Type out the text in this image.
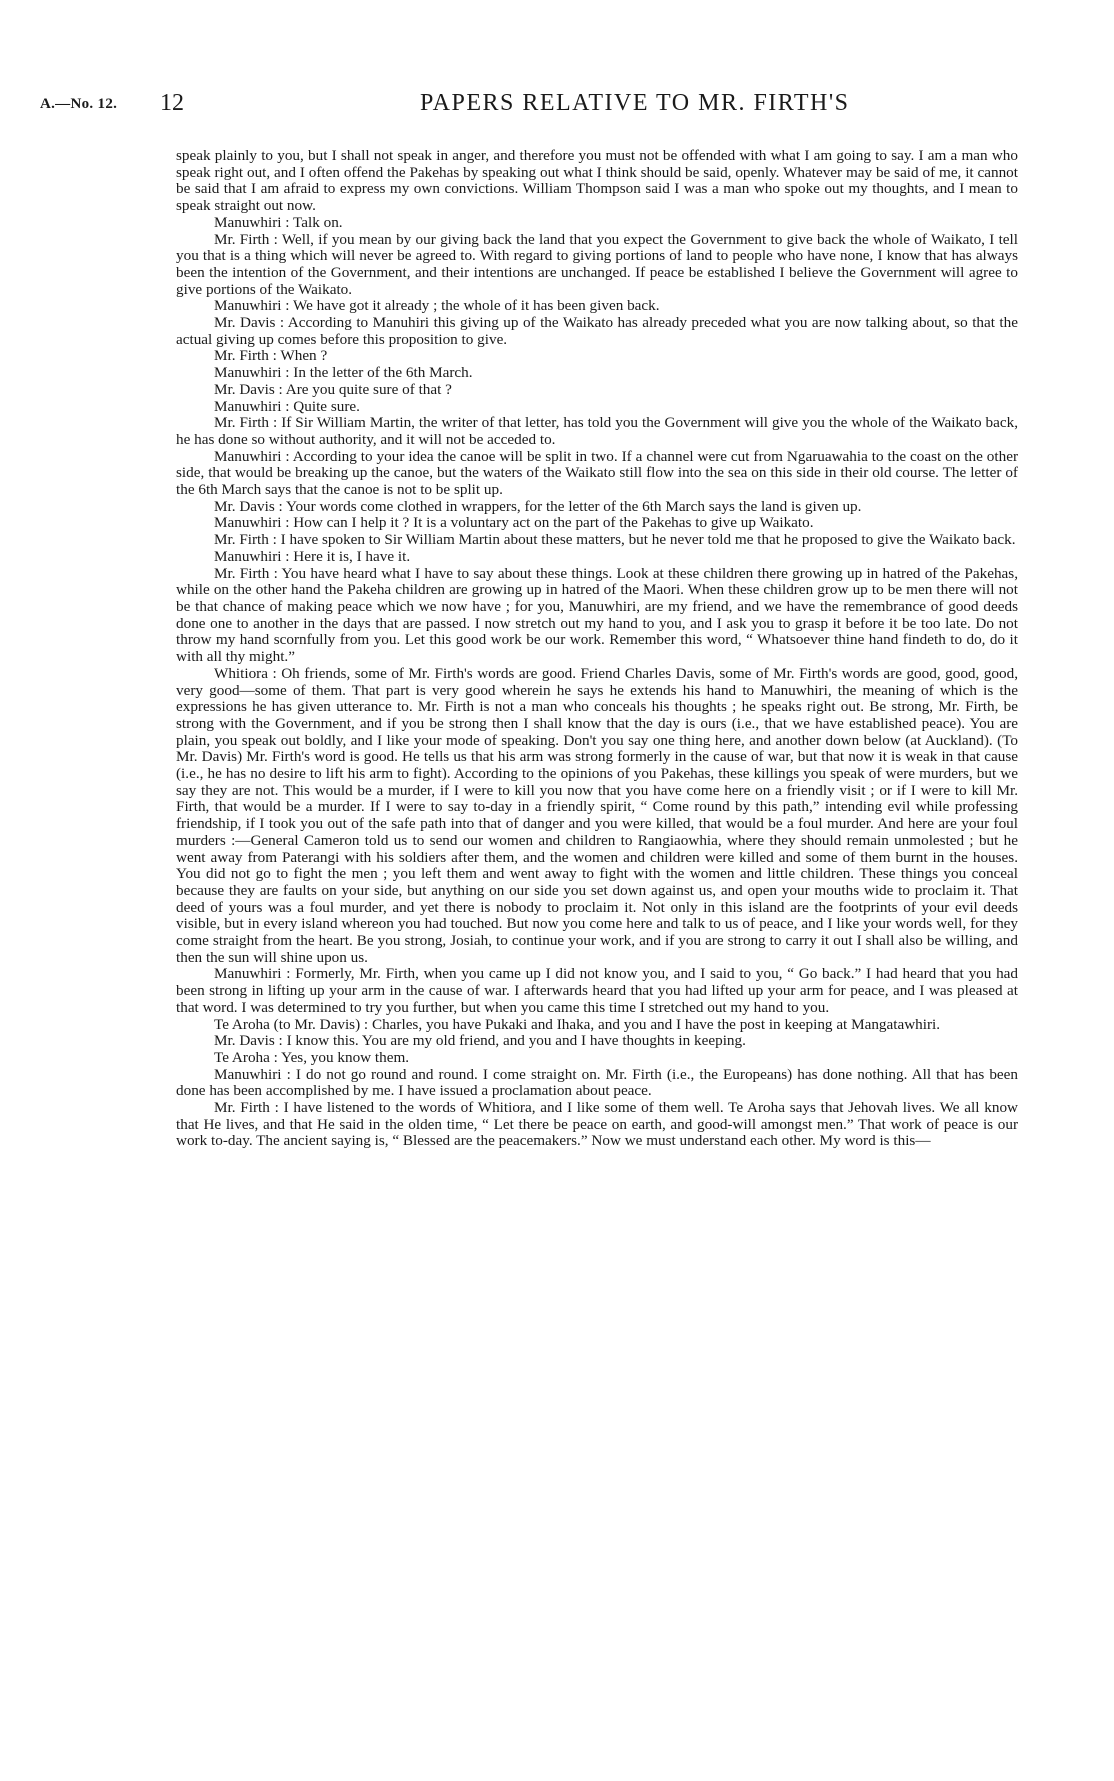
A.—No. 12. 12	PAPERS RELATIVE TO MR. FIRTH'S

speak plainly to you, but I shall not speak in anger, and therefore you must not be offended with what I am going to say. I am a man who speak right out, and I often offend the Pakehas by speaking out what I think should be said, openly. Whatever may be said of me, it cannot be said that I am afraid to express my own convictions. William Thompson said I was a man who spoke out my thoughts, and I mean to speak straight out now.

Manuwhiri : Talk on.

Mr. Firth : Well, if you mean by our giving back the land that you expect the Government to give back the whole of Waikato, I tell you that is a thing which will never be agreed to. With regard to giving portions of land to people who have none, I know that has always been the intention of the Government, and their intentions are unchanged. If peace be established I believe the Government will agree to give portions of the Waikato.

Manuwhiri : We have got it already ; the whole of it has been given back.

Mr. Davis : According to Manuhiri this giving up of the Waikato has already preceded what you are now talking about, so that the actual giving up comes before this proposition to give.

Mr. Firth : When ?

Manuwhiri : In the letter of the 6th March.

Mr. Davis : Are you quite sure of that ?

Manuwhiri : Quite sure.

Mr. Firth : If Sir William Martin, the writer of that letter, has told you the Government will give you the whole of the Waikato back, he has done so without authority, and it will not be acceded to.

Manuwhiri : According to your idea the canoe will be split in two. If a channel were cut from Ngaruawahia to the coast on the other side, that would be breaking up the canoe, but the waters of the Waikato still flow into the sea on this side in their old course. The letter of the 6th March says that the canoe is not to be split up.

Mr. Davis : Your words come clothed in wrappers, for the letter of the 6th March says the land is given up.

Manuwhiri : How can I help it ? It is a voluntary act on the part of the Pakehas to give up Waikato.

Mr. Firth : I have spoken to Sir William Martin about these matters, but he never told me that he proposed to give the Waikato back.

Manuwhiri : Here it is, I have it.

Mr. Firth : You have heard what I have to say about these things. Look at these children there growing up in hatred of the Pakehas, while on the other hand the Pakeha children are growing up in hatred of the Maori. When these children grow up to be men there will not be that chance of making peace which we now have ; for you, Manuwhiri, are my friend, and we have the remembrance of good deeds done one to another in the days that are passed. I now stretch out my hand to you, and I ask you to grasp it before it be too late. Do not throw my hand scornfully from you. Let this good work be our work. Remember this word, “ Whatsoever thine hand findeth to do, do it with all thy might.”

Whitiora : Oh friends, some of Mr. Firth's words are good. Friend Charles Davis, some of Mr. Firth's words are good, good, good, very good—some of them. That part is very good wherein he says he extends his hand to Manuwhiri, the meaning of which is the expressions he has given utterance to. Mr. Firth is not a man who conceals his thoughts ; he speaks right out. Be strong, Mr. Firth, be strong with the Government, and if you be strong then I shall know that the day is ours (i.e., that we have established peace). You are plain, you speak out boldly, and I like your mode of speaking. Don't you say one thing here, and another down below (at Auckland). (To Mr. Davis) Mr. Firth's word is good. He tells us that his arm was strong formerly in the cause of war, but that now it is weak in that cause (i.e., he has no desire to lift his arm to fight). According to the opinions of you Pakehas, these killings you speak of were murders, but we say they are not. This would be a murder, if I were to kill you now that you have come here on a friendly visit ; or if I were to kill Mr. Firth, that would be a murder. If I were to say to-day in a friendly spirit, “ Come round by this path,” intending evil while professing friendship, if I took you out of the safe path into that of danger and you were killed, that would be a foul murder. And here are your foul murders :—General Cameron told us to send our women and children to Rangiaowhia, where they should remain unmolested ; but he went away from Paterangi with his soldiers after them, and the women and children were killed and some of them burnt in the houses. You did not go to fight the men ; you left them and went away to fight with the women and little children. These things you conceal because they are faults on your side, but anything on our side you set down against us, and open your mouths wide to proclaim it. That deed of yours was a foul murder, and yet there is nobody to proclaim it. Not only in this island are the footprints of your evil deeds visible, but in every island whereon you had touched. But now you come here and talk to us of peace, and I like your words well, for they come straight from the heart. Be you strong, Josiah, to continue your work, and if you are strong to carry it out I shall also be willing, and then the sun will shine upon us.

Manuwhiri : Formerly, Mr. Firth, when you came up I did not know you, and I said to you, “ Go back.” I had heard that you had been strong in lifting up your arm in the cause of war. I afterwards heard that you had lifted up your arm for peace, and I was pleased at that word. I was determined to try you further, but when you came this time I stretched out my hand to you.

Te Aroha (to Mr. Davis) : Charles, you have Pukaki and Ihaka, and you and I have the post in keeping at Mangatawhiri.

Mr. Davis : I know this. You are my old friend, and you and I have thoughts in keeping.

Te Aroha : Yes, you know them.

Manuwhiri : I do not go round and round. I come straight on. Mr. Firth (i.e., the Europeans) has done nothing. All that has been done has been accomplished by me. I have issued a proclamation about peace.

Mr. Firth : I have listened to the words of Whitiora, and I like some of them well. Te Aroha says that Jehovah lives. We all know that He lives, and that He said in the olden time, “ Let there be peace on earth, and good-will amongst men.” That work of peace is our work to-day. The ancient saying is, “ Blessed are the peacemakers.” Now we must understand each other. My word is this—
